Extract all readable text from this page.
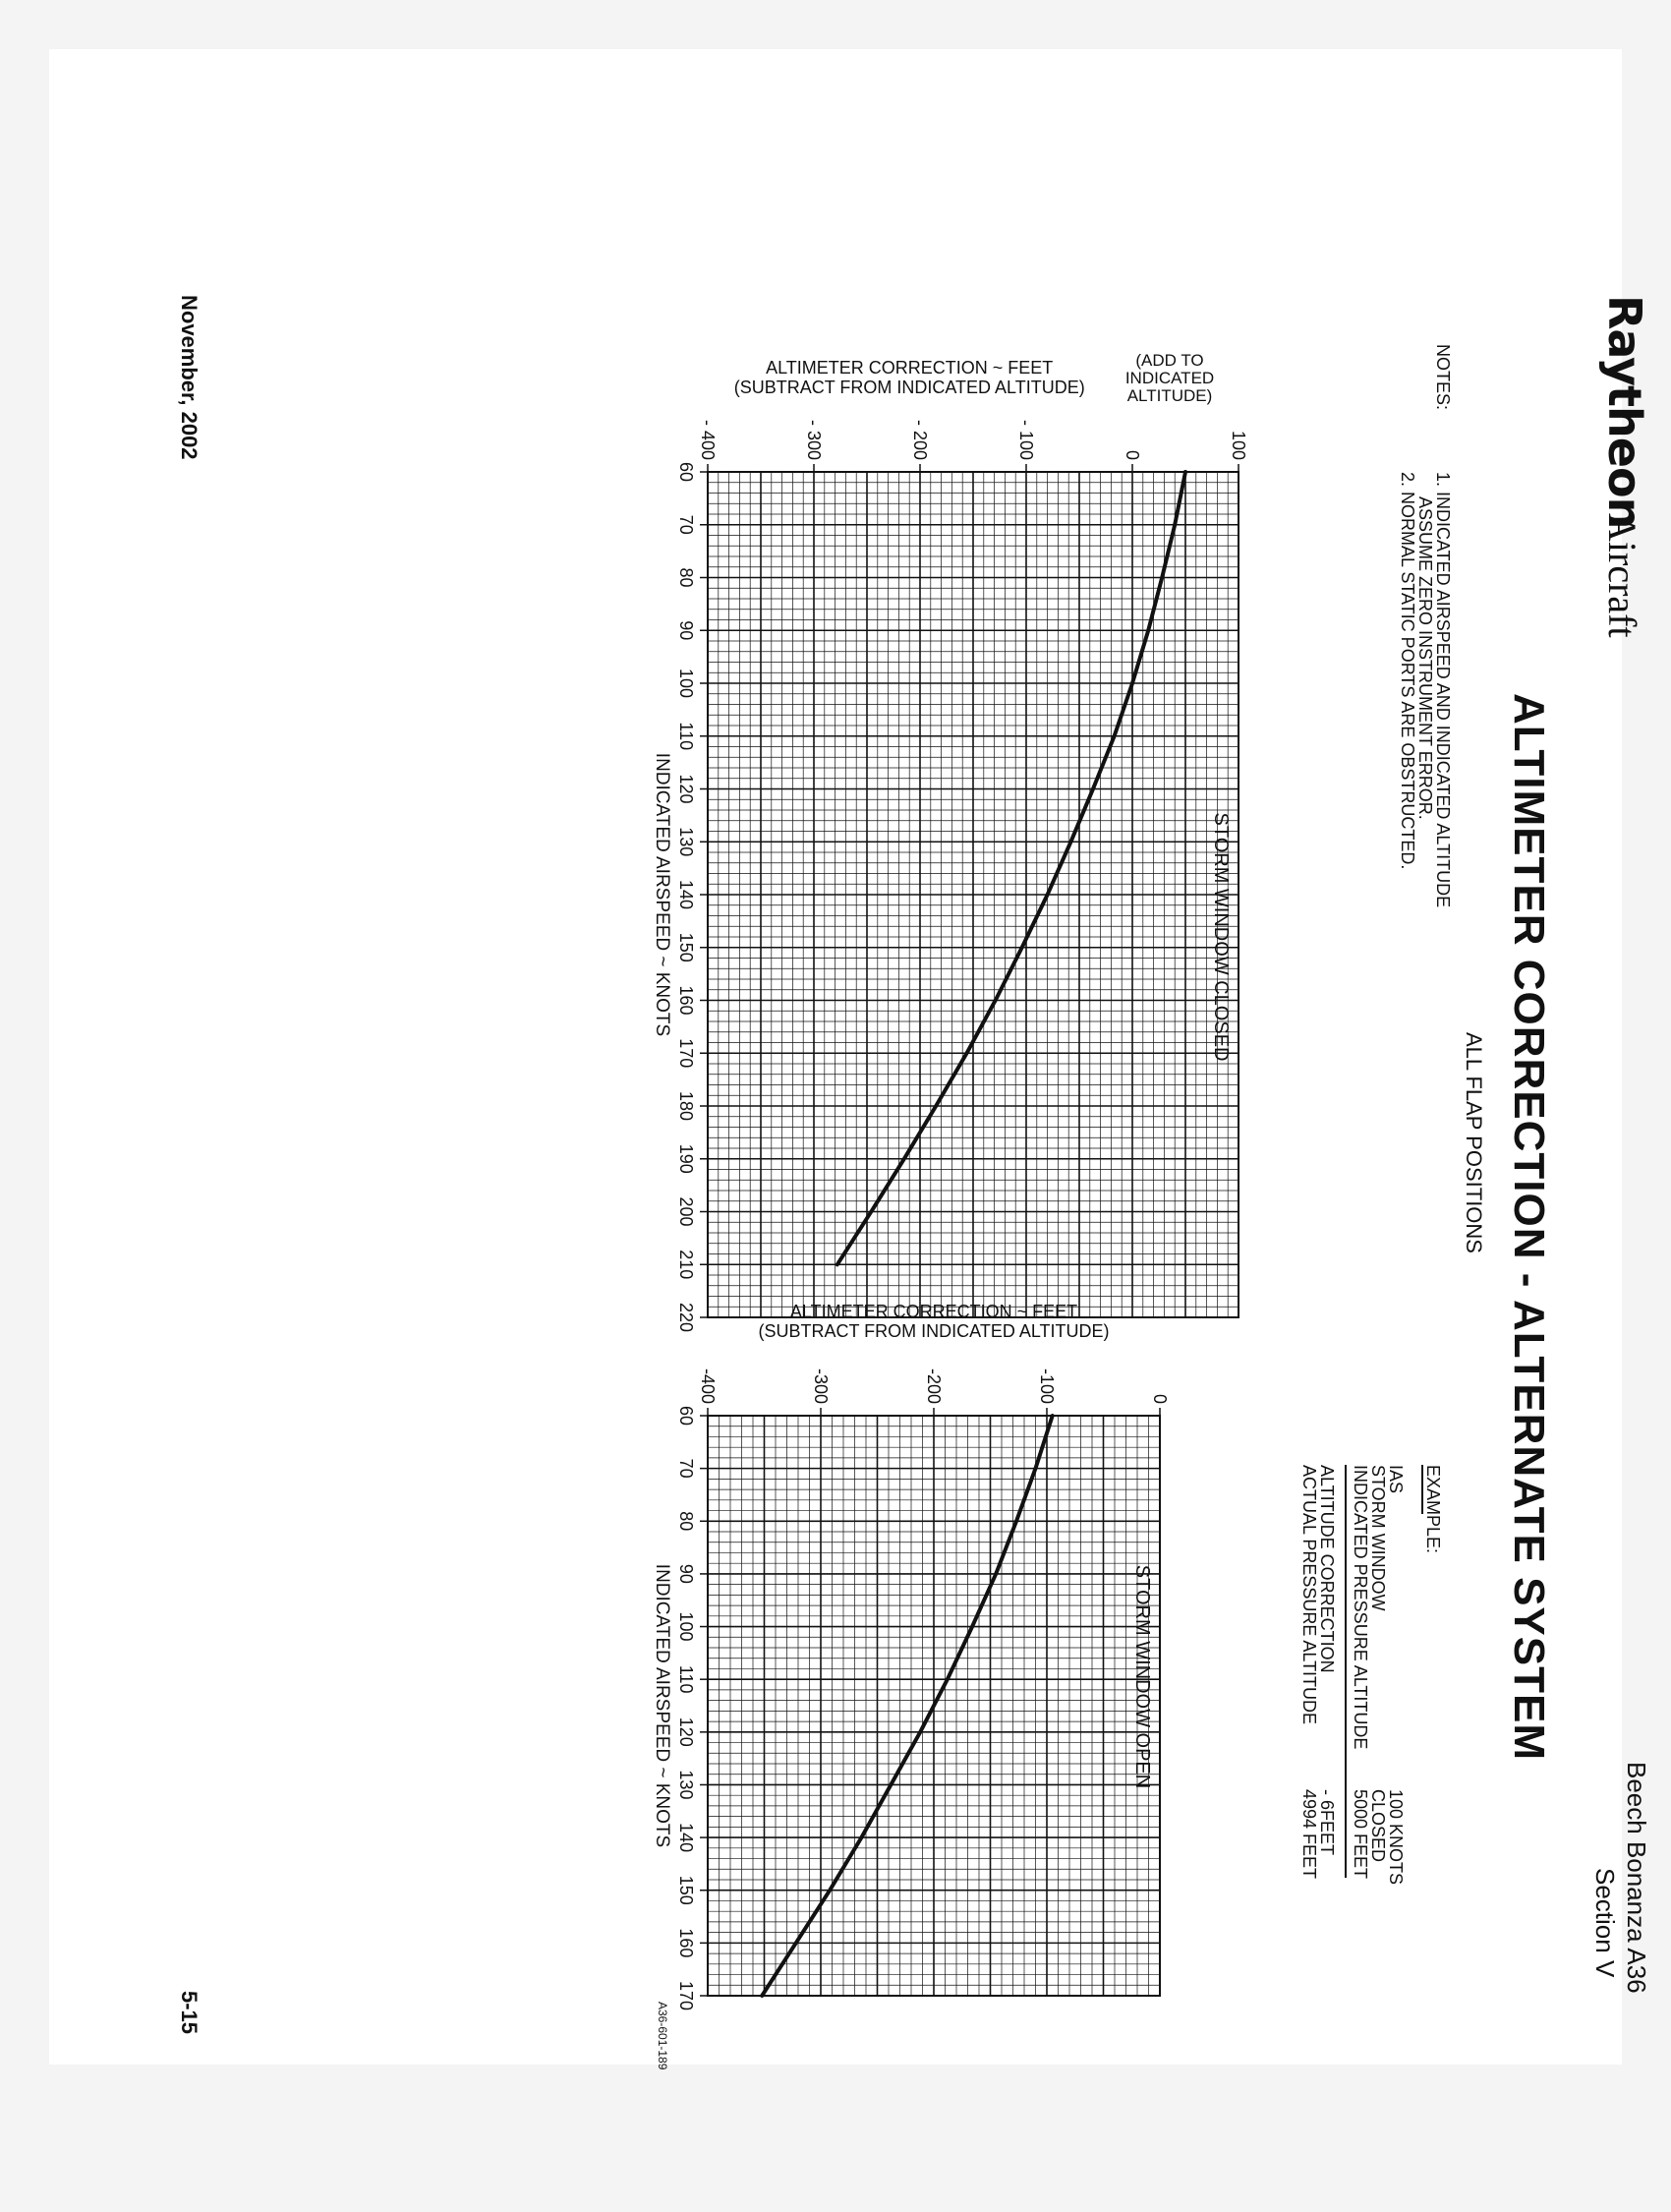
Raytheon
Aircraft
Beech Bonanza A36
Section V
ALTIMETER CORRECTION - ALTERNATE SYSTEM
ALL FLAP POSITIONS
NOTES:
1. INDICATED AIRSPEED AND INDICATED ALTITUDE
ASSUME ZERO INSTRUMENT ERROR.
2. NORMAL STATIC PORTS ARE OBSTRUCTED.
EXAMPLE:
IAS
100 KNOTS
STORM WINDOW
CLOSED
INDICATED PRESSURE ALTITUDE
5000 FEET
ALTITUDE CORRECTION
- 6FEET
ACTUAL PRESSURE ALTITUDE
4994 FEET
60
70
80
90
100
110
120
130
140
150
160
170
180
190
200
210
220
100
0
- 100
- 200
- 300
- 400
STORM WINDOW CLOSED
INDICATED AIRSPEED ~ KNOTS
ALTIMETER CORRECTION ~ FEET
(SUBTRACT FROM INDICATED ALTITUDE)
(ADD TO
INDICATED
ALTITUDE)
60
70
80
90
100
110
120
130
140
150
160
170
0
-100
-200
-300
-400
STORM WINDOW OPEN
INDICATED AIRSPEED ~ KNOTS
ALTIMETER CORRECTION ~ FEET
(SUBTRACT FROM INDICATED ALTITUDE)
A36-601-189
November, 2002
5-15
